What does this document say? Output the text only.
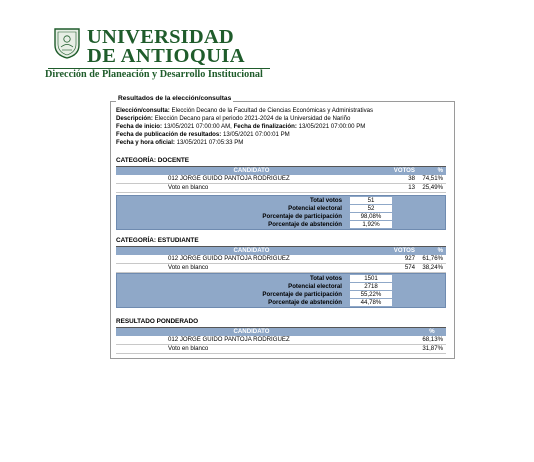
UNIVERSIDAD
DE ANTIOQUIA
Dirección de Planeación y Desarrollo Institucional
Resultados de la elección/consultas
Elección/consulta: Elección Decano de la Facultad de Ciencias Económicas y Administrativas
Descripción: Elección Decano para el periodo 2021-2024 de la Universidad de Nariño
Fecha de inicio: 13/05/2021 07:00:00 AM, Fecha de finalización: 13/05/2021 07:00:00 PM
Fecha de publicación de resultados: 13/05/2021 07:00:01 PM
Fecha y hora oficial: 13/05/2021 07:05:33 PM
CATEGORÍA: DOCENTE
CANDIDATO	VOTOS	%
012 JORGE GUIDO PANTOJA RODRIGUEZ	38	74,51%
Voto en blanco	13	25,49%
Total votos	51
Potencial electoral	52
Porcentaje de participación	98,08%
Porcentaje de abstención	1,92%
CATEGORÍA: ESTUDIANTE
CANDIDATO	VOTOS	%
012 JORGE GUIDO PANTOJA RODRIGUEZ	927	61,76%
Voto en blanco	574	38,24%
Total votos	1501
Potencial electoral	2718
Porcentaje de participación	55,22%
Porcentaje de abstención	44,78%
RESULTADO PONDERADO
CANDIDATO		%
012 JORGE GUIDO PANTOJA RODRIGUEZ		68,13%
Voto en blanco		31,87%
